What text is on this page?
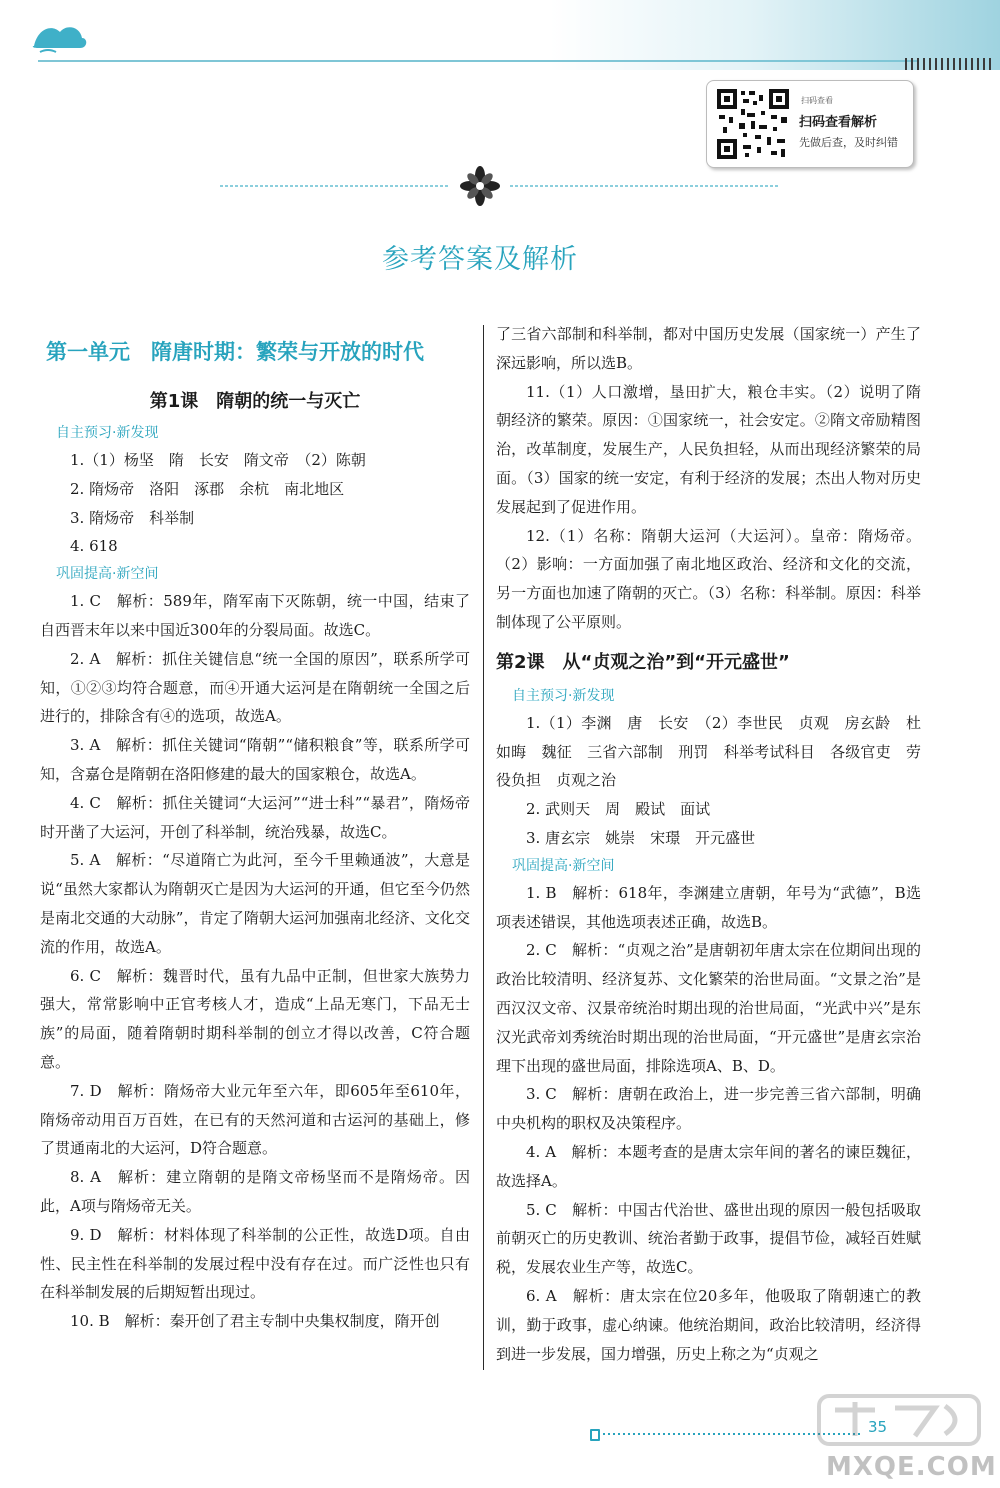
扫码查看
扫码查看解析
先做后查，及时纠错
参考答案及解析
第一单元　隋唐时期：繁荣与开放的时代
第1课　隋朝的统一与灭亡
自主预习·新发现

1.（1）杨坚　隋　长安　隋文帝　（2）陈朝

2. 隋炀帝　洛阳　涿郡　余杭　南北地区

3. 隋炀帝　科举制

4. 618

巩固提高·新空间

1. C　解析：589年，隋军南下灭陈朝，统一中国，结束了自西晋末年以来中国近300年的分裂局面。故选C。

2. A　解析：抓住关键信息“统一全国的原因”，联系所学可知，①②③均符合题意，而④开通大运河是在隋朝统一全国之后进行的，排除含有④的选项，故选A。

3. A　解析：抓住关键词“隋朝”“储积粮食”等，联系所学可知，含嘉仓是隋朝在洛阳修建的最大的国家粮仓，故选A。

4. C　解析：抓住关键词“大运河”“进士科”“暴君”，隋炀帝时开凿了大运河，开创了科举制，统治残暴，故选C。

5. A　解析：“尽道隋亡为此河，至今千里赖通波”，大意是说“虽然大家都认为隋朝灭亡是因为大运河的开通，但它至今仍然是南北交通的大动脉”，肯定了隋朝大运河加强南北经济、文化交流的作用，故选A。

6. C　解析：魏晋时代，虽有九品中正制，但世家大族势力强大，常常影响中正官考核人才，造成“上品无寒门，下品无士族”的局面，随着隋朝时期科举制的创立才得以改善，C符合题意。

7. D　解析：隋炀帝大业元年至六年，即605年至610年，隋炀帝动用百万百姓，在已有的天然河道和古运河的基础上，修了贯通南北的大运河，D符合题意。

8. A　解析：建立隋朝的是隋文帝杨坚而不是隋炀帝。因此，A项与隋炀帝无关。

9. D　解析：材料体现了科举制的公正性，故选D项。自由性、民主性在科举制的发展过程中没有存在过。而广泛性也只有在科举制发展的后期短暂出现过。

10. B　解析：秦开创了君主专制中央集权制度，隋开创

了三省六部制和科举制，都对中国历史发展（国家统一）产生了深远影响，所以选B。

11.（1）人口激增，垦田扩大，粮仓丰实。（2）说明了隋朝经济的繁荣。原因：①国家统一，社会安定。②隋文帝励精图治，改革制度，发展生产，人民负担轻，从而出现经济繁荣的局面。（3）国家的统一安定，有利于经济的发展；杰出人物对历史发展起到了促进作用。

12.（1）名称：隋朝大运河（大运河）。皇帝：隋炀帝。（2）影响：一方面加强了南北地区政治、经济和文化的交流，另一方面也加速了隋朝的灭亡。（3）名称：科举制。原因：科举制体现了公平原则。

第2课　从“贞观之治”到“开元盛世”
自主预习·新发现

1.（1）李渊　唐　长安　（2）李世民　贞观　房玄龄　杜如晦　魏征　三省六部制　刑罚　科举考试科目　各级官吏　劳役负担　贞观之治

2. 武则天　周　殿试　面试

3. 唐玄宗　姚崇　宋璟　开元盛世

巩固提高·新空间

1. B　解析：618年，李渊建立唐朝，年号为“武德”，B选项表述错误，其他选项表述正确，故选B。

2. C　解析：“贞观之治”是唐朝初年唐太宗在位期间出现的政治比较清明、经济复苏、文化繁荣的治世局面。“文景之治”是西汉汉文帝、汉景帝统治时期出现的治世局面，“光武中兴”是东汉光武帝刘秀统治时期出现的治世局面，“开元盛世”是唐玄宗治理下出现的盛世局面，排除选项A、B、D。

3. C　解析：唐朝在政治上，进一步完善三省六部制，明确中央机构的职权及决策程序。

4. A　解析：本题考查的是唐太宗年间的著名的谏臣魏征，故选择A。

5. C　解析：中国古代治世、盛世出现的原因一般包括吸取前朝灭亡的历史教训、统治者勤于政事，提倡节俭，减轻百姓赋税，发展农业生产等，故选C。

6. A　解析：唐太宗在位20多年，他吸取了隋朝速亡的教训，勤于政事，虚心纳谏。他统治期间，政治比较清明，经济得到进一步发展，国力增强，历史上称之为“贞观之

35
MXQE.COM
